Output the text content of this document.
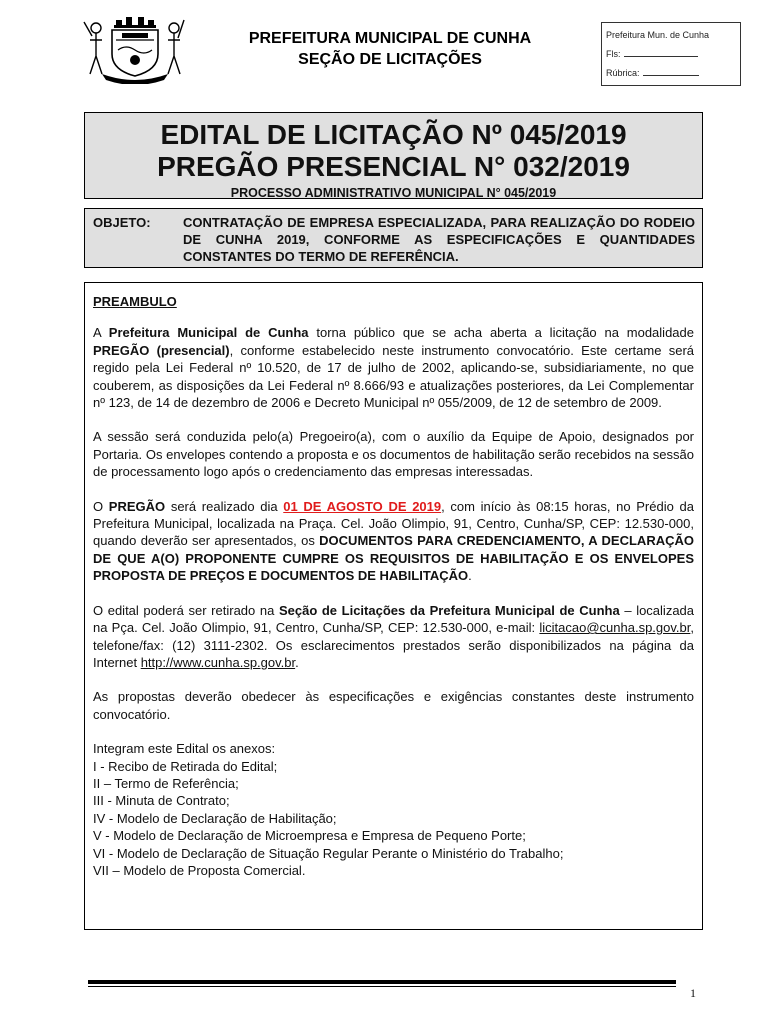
PREFEITURA MUNICIPAL DE CUNHA
SEÇÃO DE LICITAÇÕES
Prefeitura Mun. de Cunha
Fls:
Rúbrica:
EDITAL DE LICITAÇÃO Nº 045/2019
PREGÃO PRESENCIAL N° 032/2019
PROCESSO ADMINISTRATIVO MUNICIPAL N° 045/2019
OBJETO: CONTRATAÇÃO DE EMPRESA ESPECIALIZADA, PARA REALIZAÇÃO DO RODEIO DE CUNHA 2019, CONFORME AS ESPECIFICAÇÕES E QUANTIDADES CONSTANTES DO TERMO DE REFERÊNCIA.

PREAMBULO

A Prefeitura Municipal de Cunha torna público que se acha aberta a licitação na modalidade PREGÃO (presencial), conforme estabelecido neste instrumento convocatório. Este certame será regido pela Lei Federal nº 10.520, de 17 de julho de 2002, aplicando-se, subsidiariamente, no que couberem, as disposições da Lei Federal nº 8.666/93 e atualizações posteriores, da Lei Complementar nº 123, de 14 de dezembro de 2006 e Decreto Municipal nº 055/2009, de 12 de setembro de 2009.

A sessão será conduzida pelo(a) Pregoeiro(a), com o auxílio da Equipe de Apoio, designados por Portaria. Os envelopes contendo a proposta e os documentos de habilitação serão recebidos na sessão de processamento logo após o credenciamento das empresas interessadas.

O PREGÃO será realizado dia 01 DE AGOSTO DE 2019, com início às 08:15 horas, no Prédio da Prefeitura Municipal, localizada na Praça. Cel. João Olimpio, 91, Centro, Cunha/SP, CEP: 12.530-000, quando deverão ser apresentados, os DOCUMENTOS PARA CREDENCIAMENTO, A DECLARAÇÃO DE QUE A(O) PROPONENTE CUMPRE OS REQUISITOS DE HABILITAÇÃO E OS ENVELOPES PROPOSTA DE PREÇOS E DOCUMENTOS DE HABILITAÇÃO.

O edital poderá ser retirado na Seção de Licitações da Prefeitura Municipal de Cunha – localizada na Pça. Cel. João Olimpio, 91, Centro, Cunha/SP, CEP: 12.530-000, e-mail: licitacao@cunha.sp.gov.br, telefone/fax: (12) 3111-2302. Os esclarecimentos prestados serão disponibilizados na página da Internet http://www.cunha.sp.gov.br.

As propostas deverão obedecer às especificações e exigências constantes deste instrumento convocatório.

Integram este Edital os anexos:

I - Recibo de Retirada do Edital;
II – Termo de Referência;
III - Minuta de Contrato;
IV - Modelo de Declaração de Habilitação;
V - Modelo de Declaração de Microempresa e Empresa de Pequeno Porte;
VI - Modelo de Declaração de Situação Regular Perante o Ministério do Trabalho;
VII – Modelo de Proposta Comercial.
1
